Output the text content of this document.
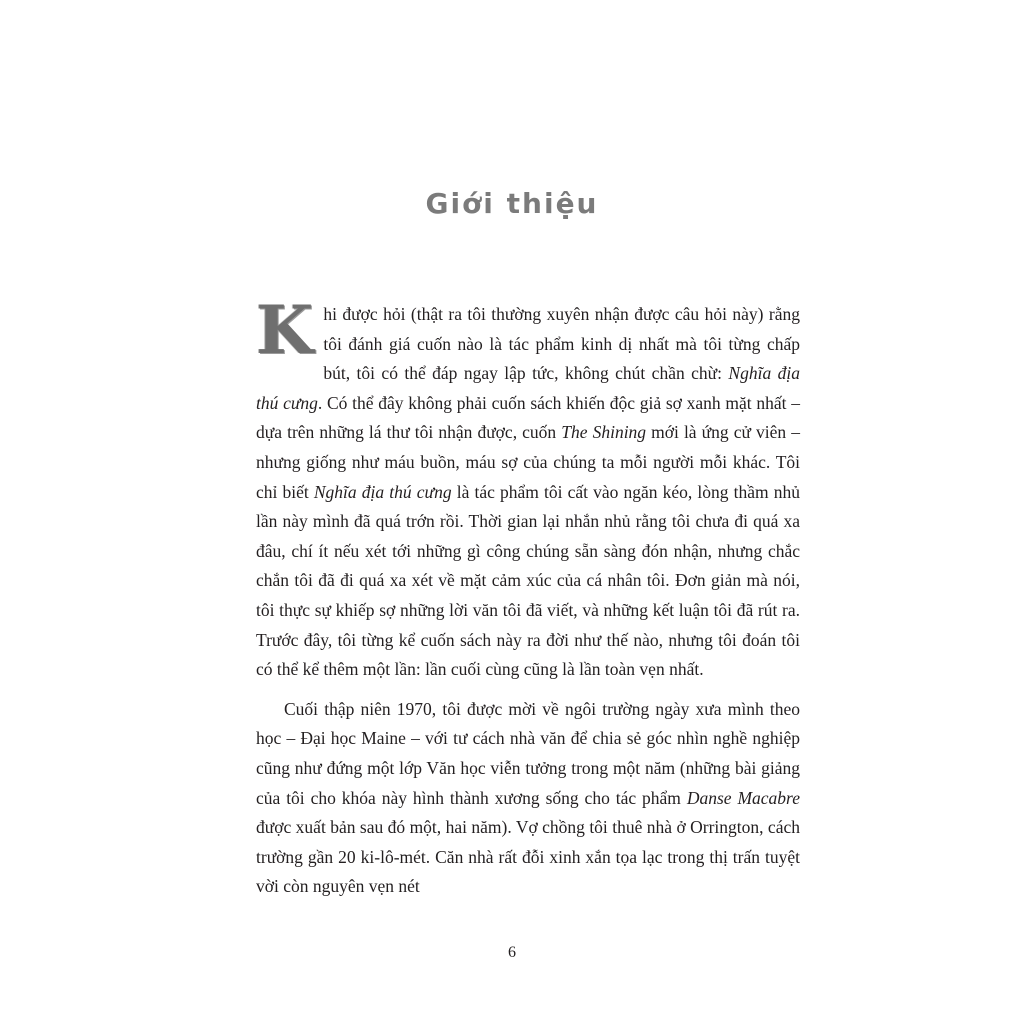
Giới thiệu

Khi được hỏi (thật ra tôi thường xuyên nhận được câu hỏi này) rằng tôi đánh giá cuốn nào là tác phẩm kinh dị nhất mà tôi từng chấp bút, tôi có thể đáp ngay lập tức, không chút chần chừ: Nghĩa địa thú cưng. Có thể đây không phải cuốn sách khiến độc giả sợ xanh mặt nhất – dựa trên những lá thư tôi nhận được, cuốn The Shining mới là ứng cử viên – nhưng giống như máu buồn, máu sợ của chúng ta mỗi người mỗi khác. Tôi chỉ biết Nghĩa địa thú cưng là tác phẩm tôi cất vào ngăn kéo, lòng thầm nhủ lần này mình đã quá trớn rồi. Thời gian lại nhắn nhủ rằng tôi chưa đi quá xa đâu, chí ít nếu xét tới những gì công chúng sẵn sàng đón nhận, nhưng chắc chắn tôi đã đi quá xa xét về mặt cảm xúc của cá nhân tôi. Đơn giản mà nói, tôi thực sự khiếp sợ những lời văn tôi đã viết, và những kết luận tôi đã rút ra. Trước đây, tôi từng kể cuốn sách này ra đời như thế nào, nhưng tôi đoán tôi có thể kể thêm một lần: lần cuối cùng cũng là lần toàn vẹn nhất.

Cuối thập niên 1970, tôi được mời về ngôi trường ngày xưa mình theo học – Đại học Maine – với tư cách nhà văn để chia sẻ góc nhìn nghề nghiệp cũng như đứng một lớp Văn học viễn tưởng trong một năm (những bài giảng của tôi cho khóa này hình thành xương sống cho tác phẩm Danse Macabre được xuất bản sau đó một, hai năm). Vợ chồng tôi thuê nhà ở Orrington, cách trường gần 20 ki-lô-mét. Căn nhà rất đỗi xinh xắn tọa lạc trong thị trấn tuyệt vời còn nguyên vẹn nét

6
